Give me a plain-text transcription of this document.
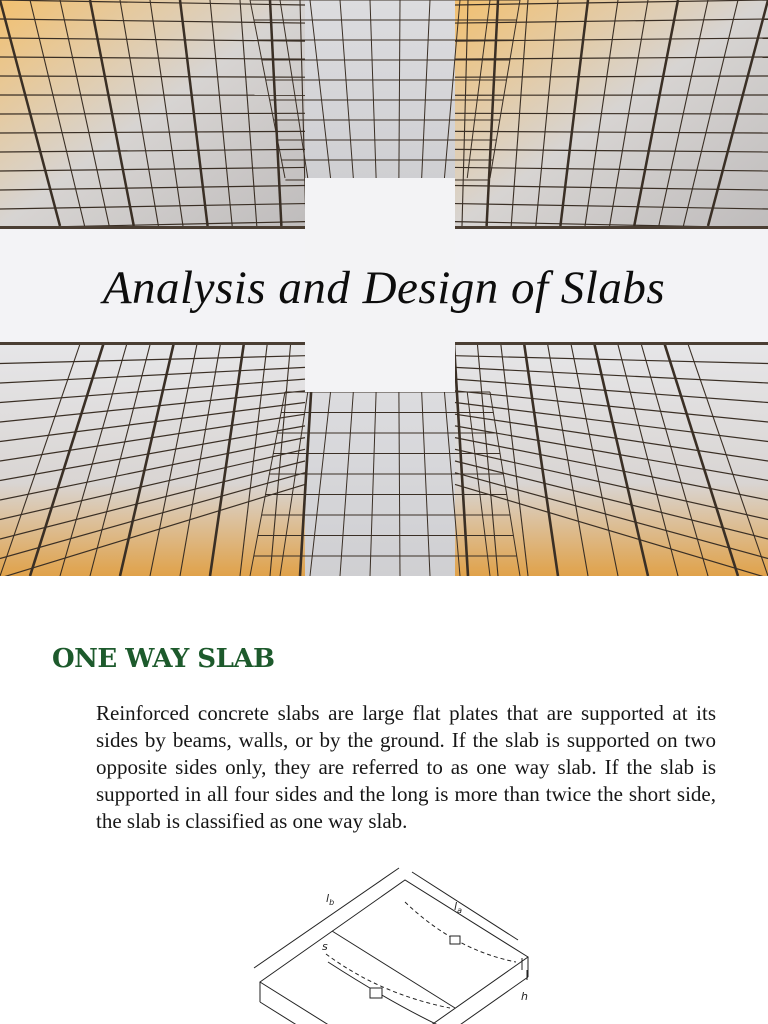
Analysis and Design of Slabs
ONE WAY SLAB

Reinforced concrete slabs are large flat plates that are supported at its sides by beams, walls, or by the ground. If the slab is supported on two opposite sides only, they are referred to as one way slab. If the slab is supported in all four sides and the long is more than twice the short side, the slab is classified as one way slab.

$l_b$	$l_a$
s
h
